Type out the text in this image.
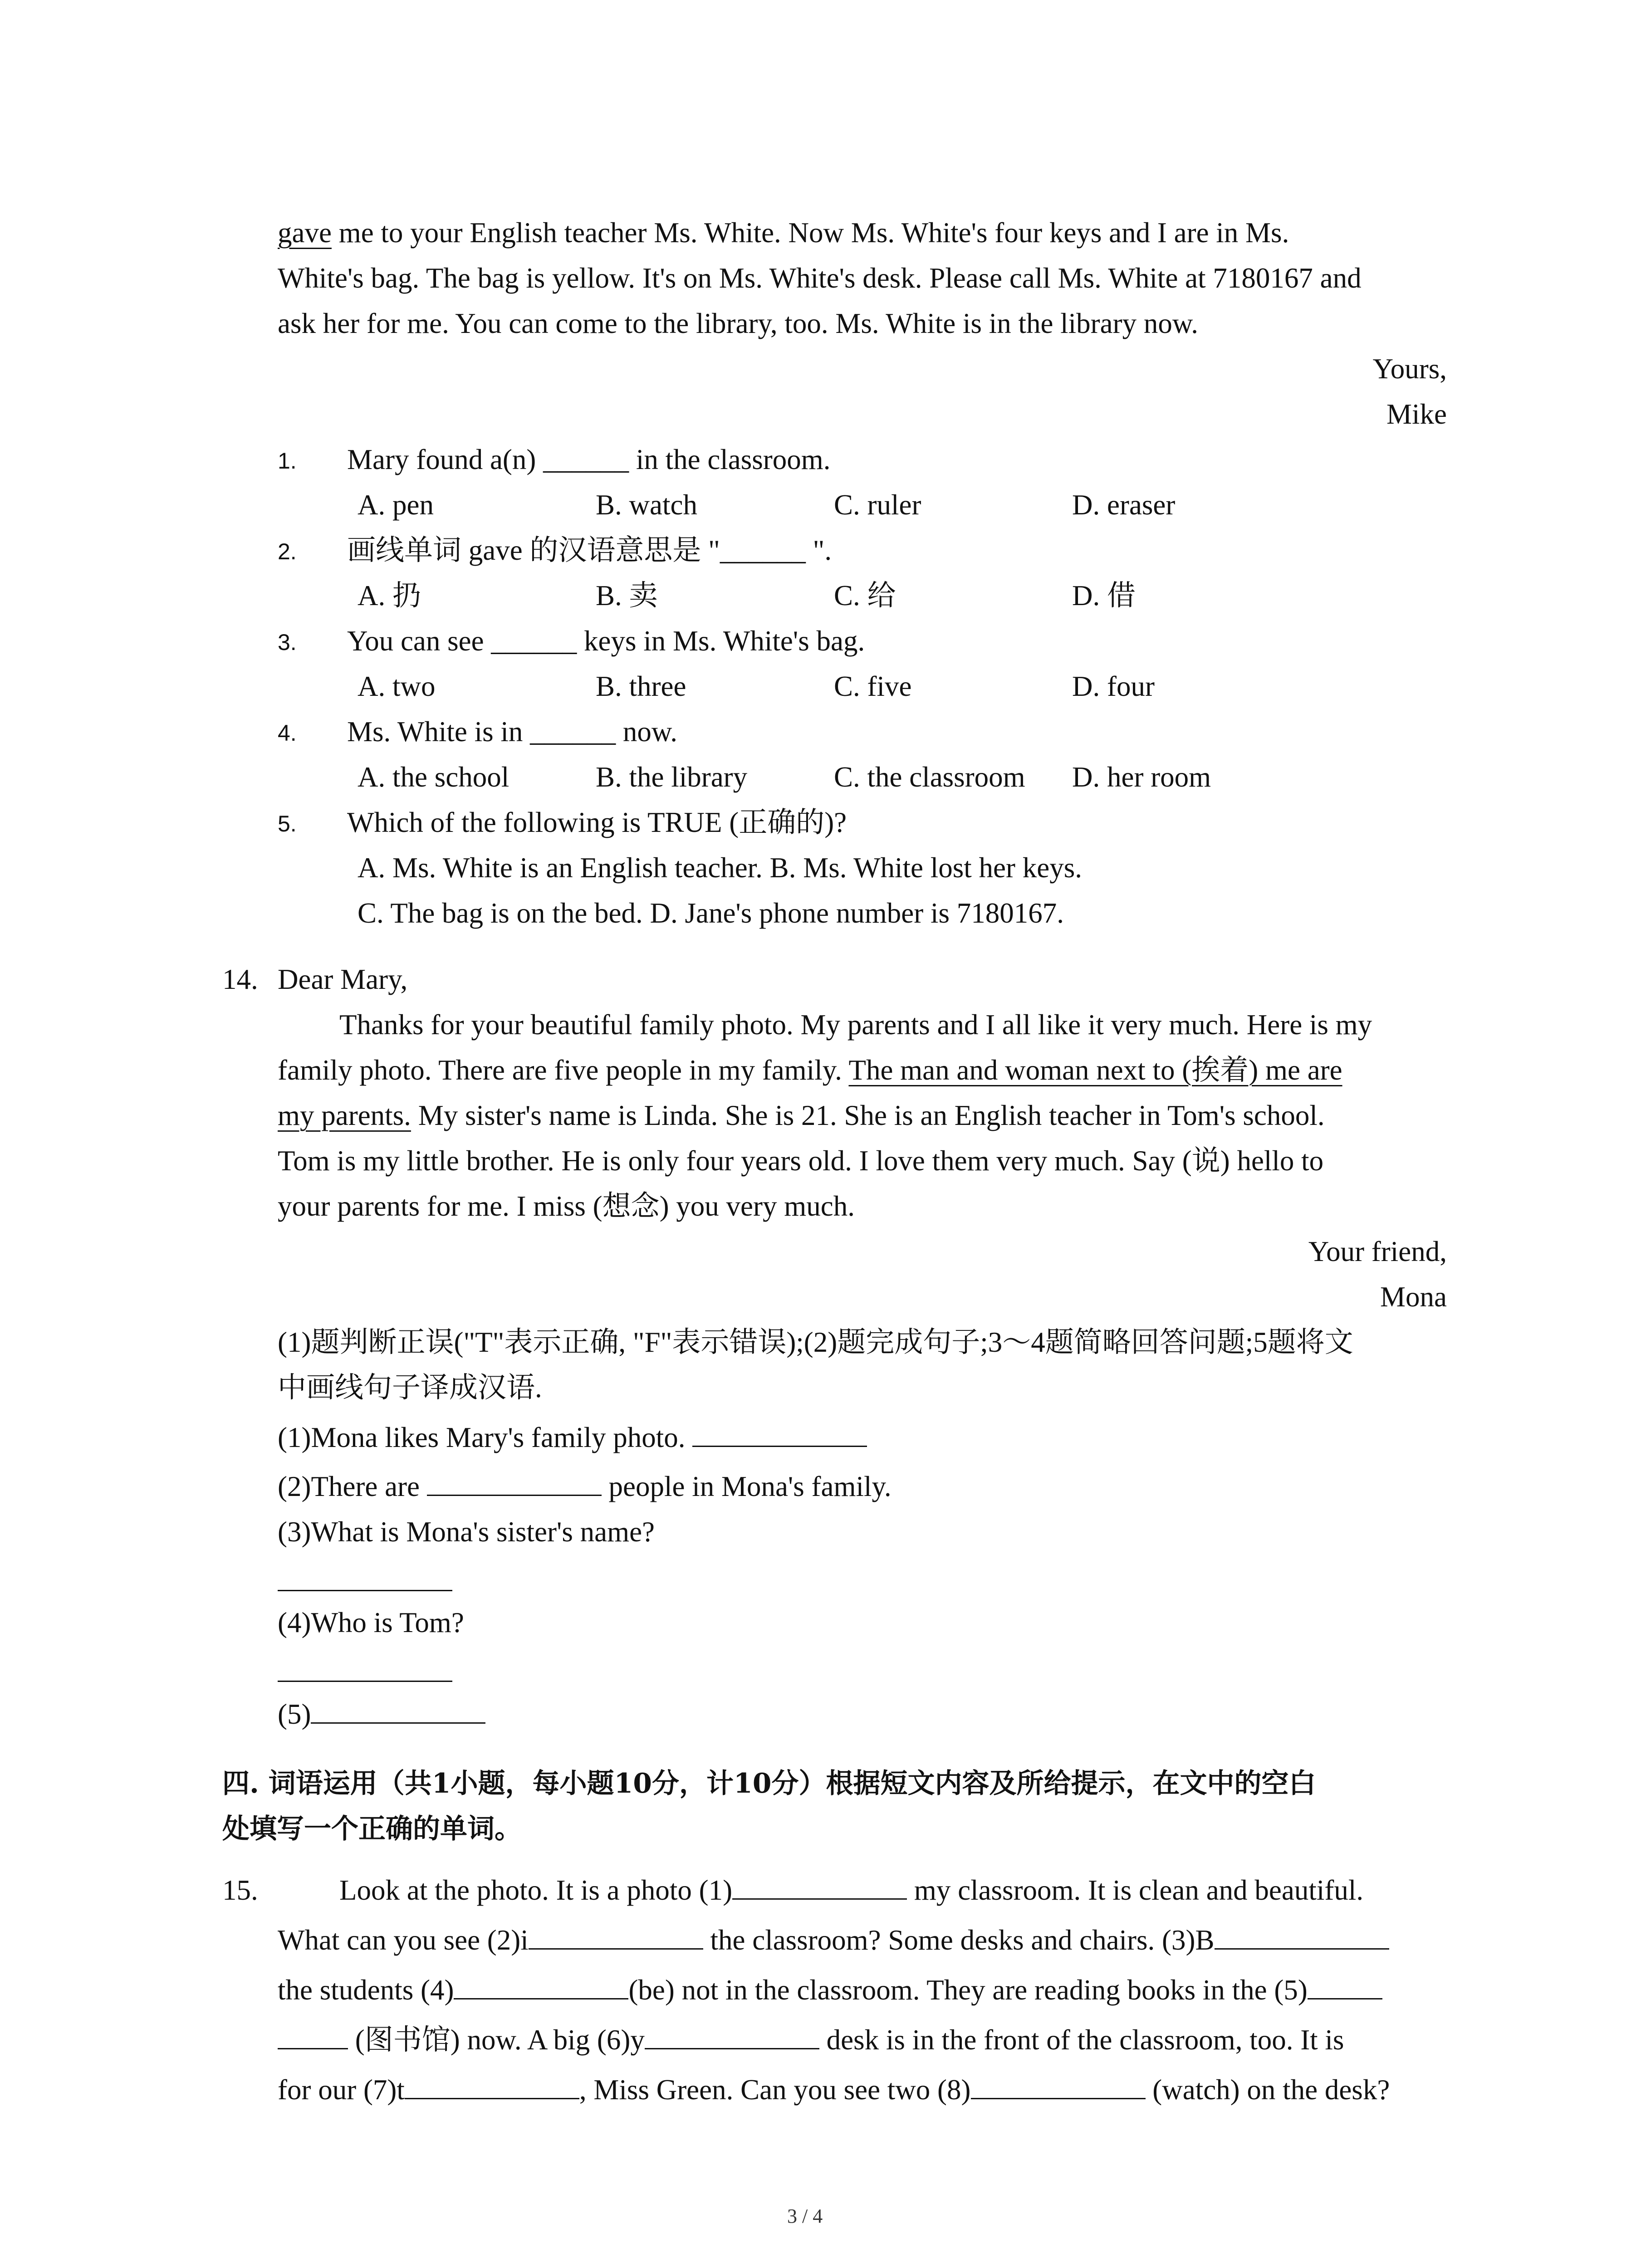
gave me to your English teacher Ms. White. Now Ms. White's four keys and I are in Ms.
White's bag. The bag is yellow. It's on Ms. White's desk. Please call Ms. White at 7180167 and
ask her for me. You can come to the library, too. Ms. White is in the library now.
Yours,
Mike
1. Mary found a(n) ______ in the classroom.
A. pen	B. watch	C. ruler	D. eraser
2. 画线单词 gave 的汉语意思是 "______ ".
A. 扔	B. 卖	C. 给	D. 借
3. You can see ______ keys in Ms. White's bag.
A. two	B. three	C. five	D. four
4. Ms. White is in ______ now.
A. the school	B. the library	C. the classroom D. her room
5. Which of the following is TRUE (正确的)?
A. Ms. White is an English teacher. B. Ms. White lost her keys.
C. The bag is on the bed. D. Jane's phone number is 7180167.
14. Dear Mary,
Thanks for your beautiful family photo. My parents and I all like it very much. Here is my
family photo. There are five people in my family. The man and woman next to (挨着) me are
my parents. My sister's name is Linda. She is 21. She is an English teacher in Tom's school.
Tom is my little brother. He is only four years old. I love them very much. Say (说) hello to
your parents for me. I miss (想念) you very much.
Your friend,
Mona
(1)题判断正误("T"表示正确, "F"表示错误);(2)题完成句子;3～4题简略回答问题;5题将文
中画线句子译成汉语.
(1)Mona likes Mary's family photo.
(2)There are	people in Mona's family.
(3)What is Mona's sister's name?
(4)Who is Tom?
(5)
四. 词语运用（共1小题，每小题10分，计10分）根据短文内容及所给提示，在文中的空白
处填写一个正确的单词。
15.	Look at the photo. It is a photo (1)	my classroom. It is clean and beautiful.
What can you see (2)i	the classroom? Some desks and chairs. (3)B
the students (4)	(be) not in the classroom. They are reading books in the (5)
(图书馆) now. A big (6)y	desk is in the front of the classroom, too. It is
for our (7)t	, Miss Green. Can you see two (8)	(watch) on the desk?
3 / 4
